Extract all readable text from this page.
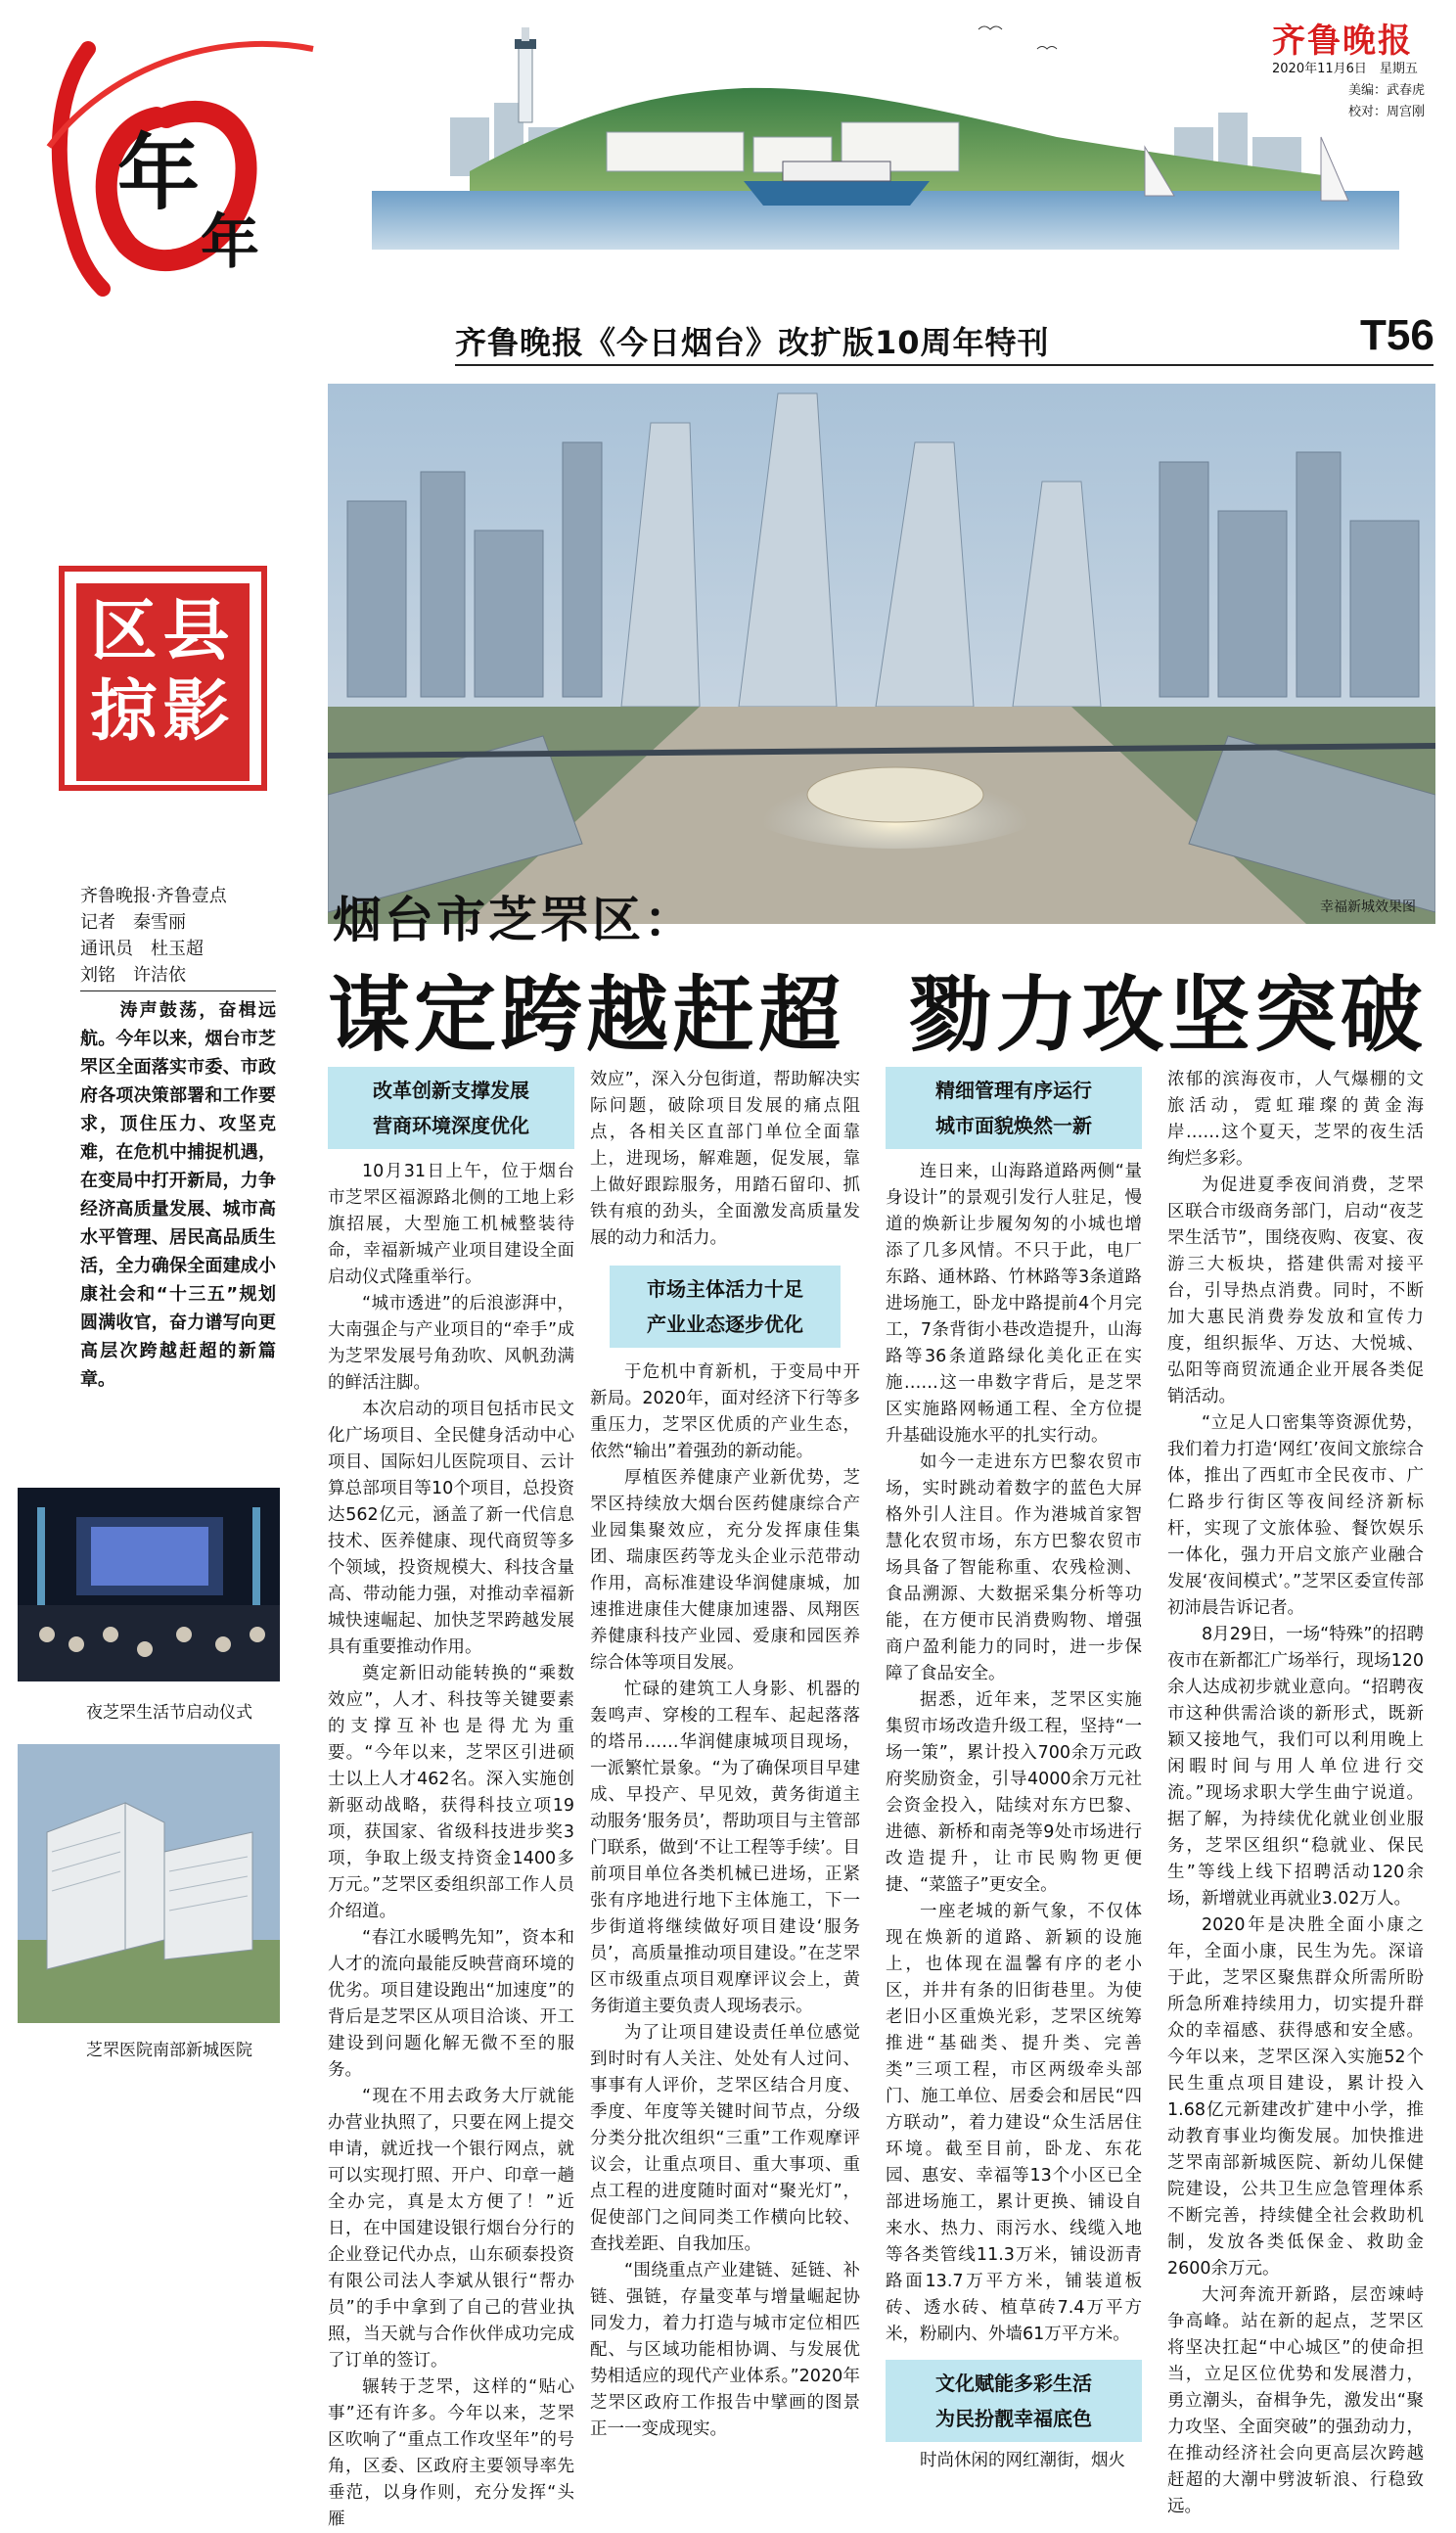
年
年
齐鲁晚报
2020年11月6日　 星期五
美编：武春虎
校对：周宫刚
齐鲁晚报《今日烟台》改扩版10周年特刊	T56
区县
掠影
幸福新城效果图
烟台市芝罘区：
谋定跨越赶超  勠力攻坚突破
齐鲁晚报·齐鲁壹点
记者　秦雪丽
通讯员　杜玉超
刘铭　许洁依
　　涛声鼓荡，奋楫远航。今年以来，烟台市芝罘区全面落实市委、市政府各项决策部署和工作要求，顶住压力、攻坚克难，在危机中捕捉机遇，在变局中打开新局，力争经济高质量发展、城市高水平管理、居民高品质生活，全力确保全面建成小康社会和“十三五”规划圆满收官，奋力谱写向更高层次跨越赶超的新篇章。
夜芝罘生活节启动仪式
芝罘医院南部新城医院
改革创新支撑发展
营商环境深度优化

10月31日上午，位于烟台市芝罘区福源路北侧的工地上彩旗招展，大型施工机械整装待命，幸福新城产业项目建设全面启动仪式隆重举行。

“城市透进”的后浪澎湃中，大南强企与产业项目的“牵手”成为芝罘发展号角劲吹、风帆劲满的鲜活注脚。

本次启动的项目包括市民文化广场项目、全民健身活动中心项目、国际妇儿医院项目、云计算总部项目等10个项目，总投资达562亿元，涵盖了新一代信息技术、医养健康、现代商贸等多个领域，投资规模大、科技含量高、带动能力强，对推动幸福新城快速崛起、加快芝罘跨越发展具有重要推动作用。

奠定新旧动能转换的“乘数效应”，人才、科技等关键要素的支撑互补也是得尤为重要。“今年以来，芝罘区引进硕士以上人才462名。深入实施创新驱动战略，获得科技立项19项，获国家、省级科技进步奖3项，争取上级支持资金1400多万元。”芝罘区委组织部工作人员介绍道。

“春江水暖鸭先知”，资本和人才的流向最能反映营商环境的优劣。项目建设跑出“加速度”的背后是芝罘区从项目洽谈、开工建设到问题化解无微不至的服务。

“现在不用去政务大厅就能办营业执照了，只要在网上提交申请，就近找一个银行网点，就可以实现打照、开户、印章一趟全办完，真是太方便了！”近日，在中国建设银行烟台分行的企业登记代办点，山东硕泰投资有限公司法人李斌从银行“帮办员”的手中拿到了自己的营业执照，当天就与合作伙伴成功完成了订单的签订。

辗转于芝罘，这样的“贴心事”还有许多。今年以来，芝罘区吹响了“重点工作攻坚年”的号角，区委、区政府主要领导率先垂范，以身作则，充分发挥“头雁

效应”，深入分包街道，帮助解决实际问题，破除项目发展的痛点阻点，各相关区直部门单位全面靠上，进现场，解难题，促发展，靠上做好跟踪服务，用踏石留印、抓铁有痕的劲头，全面激发高质量发展的动力和活力。

市场主体活力十足
产业业态逐步优化

于危机中育新机，于变局中开新局。2020年，面对经济下行等多重压力，芝罘区优质的产业生态，依然“输出”着强劲的新动能。

厚植医养健康产业新优势，芝罘区持续放大烟台医药健康综合产业园集聚效应，充分发挥康佳集团、瑞康医药等龙头企业示范带动作用，高标准建设华润健康城，加速推进康佳大健康加速器、凤翔医养健康科技产业园、爱康和园医养综合体等项目发展。

忙碌的建筑工人身影、机器的轰鸣声、穿梭的工程车、起起落落的塔吊……华润健康城项目现场，一派繁忙景象。“为了确保项目早建成、早投产、早见效，黄务街道主动服务‘服务员’，帮助项目与主管部门联系，做到‘不让工程等手续’。目前项目单位各类机械已进场，正紧张有序地进行地下主体施工，下一步街道将继续做好项目建设‘服务员’，高质量推动项目建设。”在芝罘区市级重点项目观摩评议会上，黄务街道主要负责人现场表示。

为了让项目建设责任单位感觉到时时有人关注、处处有人过问、事事有人评价，芝罘区结合月度、季度、年度等关键时间节点，分级分类分批次组织“三重”工作观摩评议会，让重点项目、重大事项、重点工程的进度随时面对“聚光灯”，促使部门之间同类工作横向比较、查找差距、自我加压。

“围绕重点产业建链、延链、补链、强链，存量变革与增量崛起协同发力，着力打造与城市定位相匹配、与区域功能相协调、与发展优势相适应的现代产业体系。”2020年芝罘区政府工作报告中擘画的图景正一一变成现实。

精细管理有序运行
城市面貌焕然一新

连日来，山海路道路两侧“量身设计”的景观引发行人驻足，慢道的焕新让步履匆匆的小城也增添了几多风情。不只于此，电厂东路、通林路、竹林路等3条道路进场施工，卧龙中路提前4个月完工，7条背街小巷改造提升，山海路等36条道路绿化美化正在实施……这一串数字背后，是芝罘区实施路网畅通工程、全方位提升基础设施水平的扎实行动。

如今一走进东方巴黎农贸市场，实时跳动着数字的蓝色大屏格外引人注目。作为港城首家智慧化农贸市场，东方巴黎农贸市场具备了智能称重、农残检测、食品溯源、大数据采集分析等功能，在方便市民消费购物、增强商户盈利能力的同时，进一步保障了食品安全。

据悉，近年来，芝罘区实施集贸市场改造升级工程，坚持“一场一策”，累计投入700余万元政府奖励资金，引导4000余万元社会资金投入，陆续对东方巴黎、进德、新桥和南尧等9处市场进行改造提升，让市民购物更便捷、“菜篮子”更安全。

一座老城的新气象，不仅体现在焕新的道路、新颖的设施上，也体现在温馨有序的老小区，并井有条的旧街巷里。为使老旧小区重焕光彩，芝罘区统筹推进“基础类、提升类、完善类”三项工程，市区两级牵头部门、施工单位、居委会和居民“四方联动”，着力建设“众生活居住环境。截至目前，卧龙、东花园、惠安、幸福等13个小区已全部进场施工，累计更换、铺设自来水、热力、雨污水、线缆入地等各类管线11.3万米，铺设沥青路面13.7万平方米，铺装道板砖、透水砖、植草砖7.4万平方米，粉刷内、外墙61万平方米。

文化赋能多彩生活
为民扮靓幸福底色

时尚休闲的网红潮街，烟火

浓郁的滨海夜市，人气爆棚的文旅活动，霓虹璀璨的黄金海岸……这个夏天，芝罘的夜生活绚烂多彩。

为促进夏季夜间消费，芝罘区联合市级商务部门，启动“夜芝罘生活节”，围绕夜购、夜宴、夜游三大板块，搭建供需对接平台，引导热点消费。同时，不断加大惠民消费券发放和宣传力度，组织振华、万达、大悦城、弘阳等商贸流通企业开展各类促销活动。

“立足人口密集等资源优势，我们着力打造‘网红’夜间文旅综合体，推出了西虹市全民夜市、广仁路步行街区等夜间经济新标杆，实现了文旅体验、餐饮娱乐一体化，强力开启文旅产业融合发展‘夜间模式’。”芝罘区委宣传部初沛晨告诉记者。

8月29日，一场“特殊”的招聘夜市在新都汇广场举行，现场120余人达成初步就业意向。“招聘夜市这种供需洽谈的新形式，既新颖又接地气，我们可以利用晚上闲暇时间与用人单位进行交流。”现场求职大学生曲宁说道。据了解，为持续优化就业创业服务，芝罘区组织“稳就业、保民生”等线上线下招聘活动120余场，新增就业再就业3.02万人。

2020年是决胜全面小康之年，全面小康，民生为先。深谙于此，芝罘区聚焦群众所需所盼所急所难持续用力，切实提升群众的幸福感、获得感和安全感。今年以来，芝罘区深入实施52个民生重点项目建设，累计投入1.68亿元新建改扩建中小学，推动教育事业均衡发展。加快推进芝罘南部新城医院、新幼儿保健院建设，公共卫生应急管理体系不断完善，持续健全社会救助机制，发放各类低保金、救助金2600余万元。

大河奔流开新路，层峦竦峙争高峰。站在新的起点，芝罘区将坚决扛起“中心城区”的使命担当，立足区位优势和发展潜力，勇立潮头，奋楫争先，激发出“聚力攻坚、全面突破”的强劲动力，在推动经济社会向更高层次跨越赶超的大潮中劈波斩浪、行稳致远。
